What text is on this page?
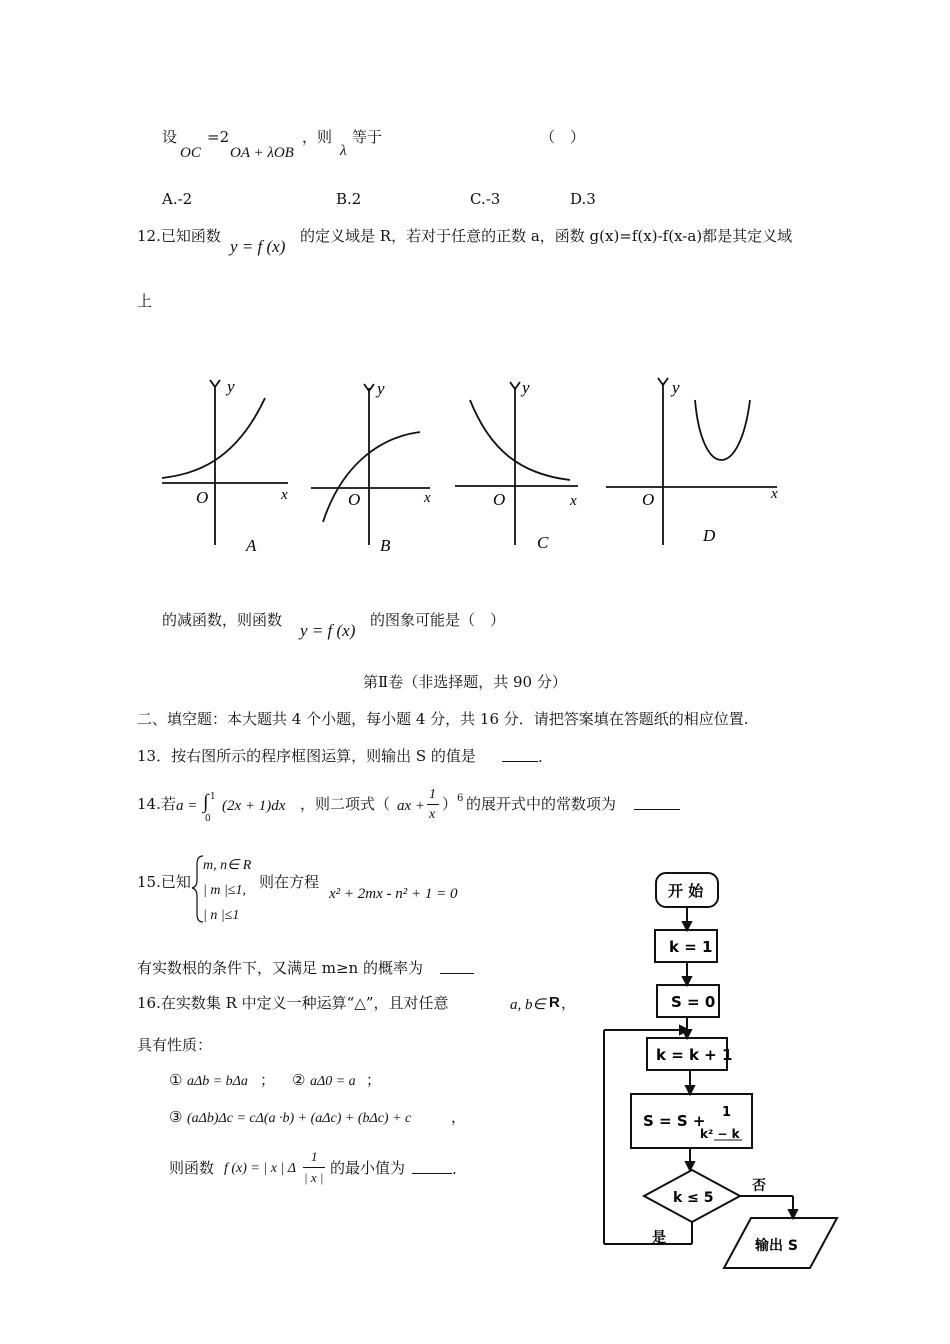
设
OC
=2
OA + λOB
，则
λ
等于	（　）
A.-2	B.2	C.-3	D.3
12.已知函数
y = f (x)
的定义域是 R，若对于任意的正数 a，函数 g(x)=f(x)-f(x-a)都是其定义域
上
y
x
O
A
y
x
O
B
y
x
O
C
y
x
O
D
的减函数，则函数
y = f (x)
的图象可能是（　）
第Ⅱ卷（非选择题，共 90 分）
二、填空题：本大题共 4 个小题，每小题 4 分，共 16 分．请把答案填在答题纸的相应位置.
13．按右图所示的程序框图运算，则输出 S 的值是	.
14.若 a = ∫ 1
0
(2x + 1)dx ，则二项式（ ax +
1
x
） 6 的展开式中的常数项为
15.已知
m, n∈ R
| m |≤1,
| n |≤1
则在方程
x² + 2mx - n² + 1 = 0
有实数根的条件下，又满足 m≥n 的概率为
16.在实数集 R 中定义一种运算“△”，且对任意	a, b∈ R ，
具有性质：
① aΔb = bΔa ； ② aΔ0 = a ；
③ (aΔb)Δc = cΔ(a ·b) + (aΔc) + (bΔc) + c	，
则函数 f (x) = | x | Δ
1
| x |
的最小值为	.
开 始
k = 1
S = 0
k = k + 1
S = S + 1
k² − k
k ≤ 5
是
否
输出 S
